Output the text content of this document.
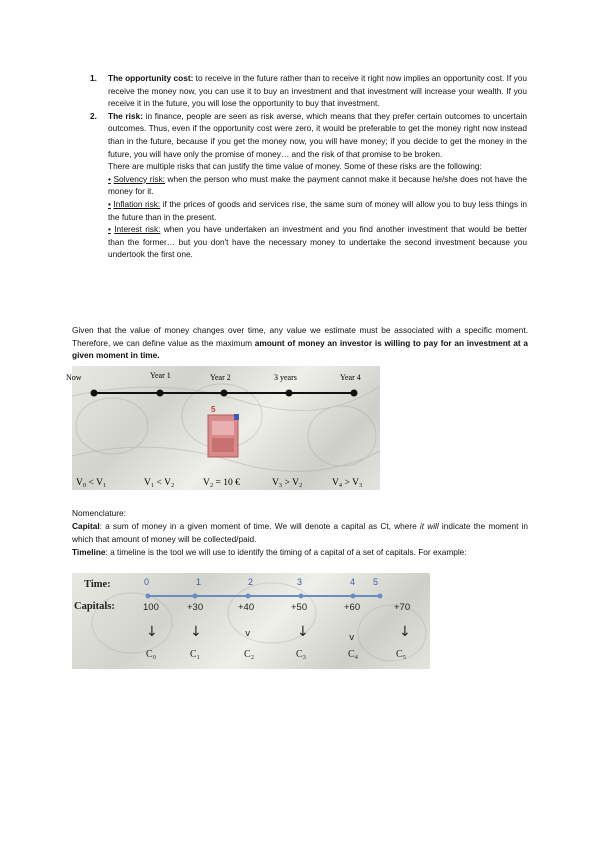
1. The opportunity cost: to receive in the future rather than to receive it right now implies an opportunity cost. If you receive the money now, you can use it to buy an investment and that investment will increase your wealth. If you receive it in the future, you will lose the opportunity to buy that investment.
2. The risk: in finance, people are seen as risk averse, which means that they prefer certain outcomes to uncertain outcomes. Thus, even if the opportunity cost were zero, it would be preferable to get the money right now instead than in the future, because if you get the money now, you will have money; if you decide to get the money in the future, you will have only the promise of money… and the risk of that promise to be broken.

There are multiple risks that can justify the time value of money. Some of these risks are the following:

• Solvency risk: when the person who must make the payment cannot make it because he/she does not have the money for it.

• Inflation risk: if the prices of goods and services rise, the same sum of money will allow you to buy less things in the future than in the present.

• Interest risk: when you have undertaken an investment and you find another investment that would be better than the former… but you don't have the necessary money to undertake the second investment because you undertook the first one.

Given that the value of money changes over time, any value we estimate must be associated with a specific moment. Therefore, we can define value as the maximum amount of money an investor is willing to pay for an investment at a given moment in time.

Now	Year 1	Year 2	3 years	Year 4
5
V₀ < V₁	V₁ < V₂	V₂ = 10 €	V₃ > V₂	V₄ > V₃

Nomenclature:

Capital: a sum of money in a given moment of time. We will denote a capital as Ct, where it will indicate the moment in which that amount of money will be collected/paid.

Timeline: a timeline is the tool we will use to identify the timing of a capital of a set of capitals. For example:

Time:
Capitals:
0	1	2	3	4 5
100	+30	+40	+50	+60	+70
↓ ↓	v	↓	v	↓
C₀	C₁	C₂	C₃	C₄	C₅
